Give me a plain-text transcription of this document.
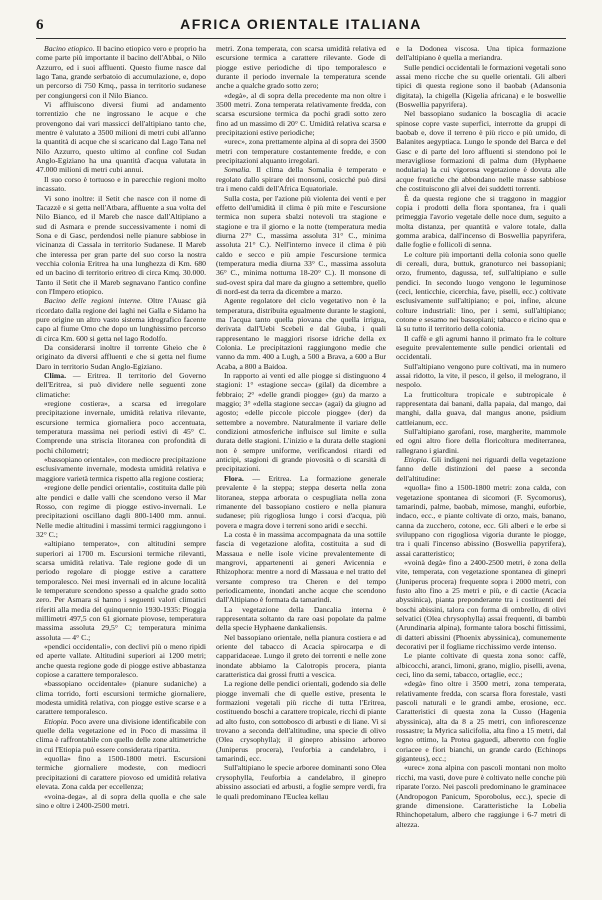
6	AFRICA ORIENTALE ITALIANA

Bacino etiopico. Il bacino etiopico vero e proprio ha come parte più importante il bacino dell'Abbai, o Nilo Azzurro, ed i suoi affluenti. Questo fiume nasce dal lago Tana, grande serbatoio di accumulazione, e, dopo un percorso di 750 Kmq., passa in territorio sudanese per congiungersi con il Nilo Bianco.

Vi affluiscono diversi fiumi ad andamento torrentizio che ne ingrossano le acque e che provengono dai vari massicci dell'altipiano tanto che, mentre è valutato a 3500 milioni di metri cubi all'anno la quantità di acque che si scaricano dal Lago Tana nel Nilo Azzurro, questo ultimo al confine col Sudan Anglo-Egiziano ha una quantità d'acqua valutata in 47.000 milioni di metri cubi annui.

Il suo corso è tortuoso e in parecchie regioni molto incassato.

Vi sono inoltre: il Setit che nasce con il nome di Tacazzè e si getta nell'Atbara, affluente a sua volta del Nilo Bianco, ed il Mareb che nasce dall'Altipiano a sud di Asmara e prende successivamente i nomi di Sona e di Gasc, perdendosi nelle pianure sabbiose in vicinanza di Cassala in territorio Sudanese. Il Mareb che interessa per gran parte del suo corso la nostra vecchia colonia Eritrea ha una lunghezza di Km. 680 ed un bacino di territorio eritreo di circa Kmq. 30.000. Tanto il Setit che il Mareb segnavano l'antico confine con l'Impero etiopico.

Bacino delle regioni interne. Oltre l'Auasc già ricordato dalla regione dei laghi nei Galla e Sidamo ha pure origine un altro vasto sistema idrografico facente capo al fiume Omo che dopo un lunghissimo percorso di circa Km. 600 si getta nel lago Rodolfo.

Da considerarsi inoltre il torrente Gheio che è originato da diversi affluenti e che si getta nel fiume Daro in territorio Sudan Anglo-Egiziano.

Clima. — Eritrea. Il territorio del Governo dell'Eritrea, si può dividere nelle seguenti zone climatiche:

«regione costiera», a scarsa ed irregolare precipitazione invernale, umidità relativa rilevante, escursione termica giornaliera poco accentuata, temperatura massima nei periodi estivi di 45° C. Comprende una striscia litoranea con profondità di pochi chilometri;

«bassopiano orientale», con mediocre precipitazione esclusivamente invernale, modesta umidità relativa e maggiore varietà termica rispetto alla regione costiera;

«regione delle pendici orientali», costituita dalle più alte pendici e dalle valli che scendono verso il Mar Rosso, con regime di piogge estivo-invernali. Le precipitazioni oscillano dagli 800-1400 mm. annui. Nelle medie altitudini i massimi termici raggiungono i 32° C.;

«altipiano temperato», con altitudini sempre superiori ai 1700 m. Escursioni termiche rilevanti, scarsa umidità relativa. Tale regione gode di un periodo regolare di piogge estive a carattere temporalesco. Nei mesi invernali ed in alcune località le temperature scendono spesso a qualche grado sotto zero. Per Asmara si hanno i seguenti valori climatici riferiti alla media del quinquennio 1930-1935: Pioggia millimetri 497,5 con 61 giornate piovose, temperatura massima assoluta 29,5° C; temperatura minima assoluta — 4° C.;

«pendici occidentali», con declivi più o meno ripidi ed aperte vallate. Altitudini superiori ai 1200 metri; anche questa regione gode di piogge estive abbastanza copiose a carattere temporalesco.

«bassopiano occidentale» (pianure sudaniche) a clima torrido, forti escursioni termiche giornaliere, modesta umidità relativa, con piogge estive scarse e a carattere temporalesco.

Etiopia. Poco avere una divisione identificabile con quelle della vegetazione ed in Poco di massima il clima è raffrontabile con quello delle zone altimetriche in cui l'Etiopia può essere considerata ripartita.

«quolla» fino a 1500-1800 metri. Escursioni termiche giornaliere modeste, con mediocri precipitazioni di carattere piovoso ed umidità relativa elevata. Zona calda per eccellenza;

«voina-dega», al di sopra della quolla e che sale sino e oltre i 2400-2500 metri.

metri. Zona temperata, con scarsa umidità relativa ed escursione termica a carattere rilevante. Gode di piogge estive periodiche di tipo temporalesco e durante il periodo invernale la temperatura scende anche a qualche grado sotto zero;

«degà», al di sopra della precedente ma non oltre i 3500 metri. Zona temperata relativamente fredda, con scarsa escursione termica da pochi gradi sotto zero fino ad un massimo di 20° C. Umidità relativa scarsa e precipitazioni estive periodiche;

«urec», zona prettamente alpina al di sopra dei 3500 metri con temperature costantemente fredde, e con precipitazioni alquanto irregolari.

Somalia. Il clima della Somalia è temperato e regolato dallo spirare dei monsoni, cosicché può dirsi tra i meno caldi dell'Africa Equatoriale.

Sulla costa, per l'azione più violenta dei venti e per effetto dell'umidità il clima è più mite e l'escursione termica non supera sbalzi notevoli tra stagione e stagione e tra il giorno e la notte (temperatura media diurna 27° C., massima assoluta 31° C., minima assoluta 21° C.). Nell'interno invece il clima è più caldo e secco e più ampie l'escursione termica (temperatura media diurna 33° C., massima assoluta 36° C., minima notturna 18-20° C.). Il monsone di sud-ovest spira dal mare da giugno a settembre, quello di nord-est da terra da dicembre a marzo.

Agente regolatore del ciclo vegetativo non è la temperatura, distribuita egualmente durante le stagioni, ma l'acqua tanto quella piovana che quella irrigua, derivata dall'Uebi Scebeli e dal Giuba, i quali rappresentano le maggiori risorse idriche della ex Colonia. Le precipitazioni raggiungono medie che vanno da mm. 400 a Lugh, a 500 a Brava, a 600 a Bur Acaba, a 800 a Baidoa.

In rapporto ai venti ed alle piogge si distinguono 4 stagioni: 1° «stagione secca» (gilal) da dicembre a febbraio; 2° «delle grandi piogge» (gu) da marzo a maggio; 3° «della stagione secca» (agai) da giugno ad agosto; «delle piccole piccole piogge» (der) da settembre a novembre. Naturalmente il variare delle condizioni atmosferiche influisce sul limite e sulla durata delle stagioni. L'inizio e la durata delle stagioni non è sempre uniforme, verificandosi ritardi ed anticipi, stagioni di grande piovosità o di scarsità di precipitazioni.

Flora. — Eritrea. La formazione generale prevalente è la steppa; steppa deserta nella zona litoranea, steppa arborata o cespugliata nella zona rimanente del bassopiano costiero e nella pianura sudanese; più rigogliosa lungo i corsi d'acqua, più povera e magra dove i terreni sono aridi e secchi.

La costa è in massima accompagnata da una sottile fascia di vegetazione alofita, costituita a sud di Massaua e nelle isole vicine prevalentemente di mangrovi, appartenenti ai generi Avicennia e Rhizophora: mentre a nord di Massaua e nel tratto del versante compreso tra Cheren e del tempo periodicamente, inondati anche acque che scendono dall'Altipiano è formata da tamarindi.

La vegetazione della Dancalia interna è rappresentata soltanto da rare oasi popolate da palme della specie Hyphaene dankaliensis.

Nel bassopiano orientale, nella pianura costiera e ad oriente del tabacco di Acacia spirocarpa e di capparidaceae. Lungo il greto dei torrenti e nelle zone inondate abbiamo la Calotropis procera, pianta caratteristica dai grossi frutti a vescica.

La regione delle pendici orientali, godendo sia delle piogge invernali che di quelle estive, presenta le formazioni vegetali più ricche di tutta l'Eritrea, costituendo boschi a carattere tropicale, ricchi di piante ad alto fusto, con sottobosco di arbusti e di liane. Vi si trovano a seconda dell'altitudine, una specie di olivo (Olea crysophylla); il ginepro abissino arboreo (Juniperus procera), l'euforbia a candelabro, i tamarindi, ecc.

Sull'altipiano le specie arboree dominanti sono Olea crysophylla, l'euforbia a candelabro, il ginepro abissino associati ed arbusti, a foglie sempre verdi, fra le quali predominano l'Euclea kellau

e la Dodonea viscosa. Una tipica formazione dell'altipiano è quella a meriandra.

Sulle pendici occidentali le formazioni vegetali sono assai meno ricche che su quelle orientali. Gli alberi tipici di questa regione sono il baobab (Adansonia digitata), la chigella (Kigelia africana) e le boswellie (Boswellia papyrifera).

Nel bassopiano sudanico la boscaglia di acacie spinose copre vaste superfici, interrotte da gruppi di baobab e, dove il terreno è più ricco e più umido, di Balanites aegyptiaca. Lungo le sponde del Barca e del Gasc e di parte del loro affluenti si stendono poi le meravigliose formazioni di palma dum (Hyphaene nodularia) la cui vigorosa vegetazione è dovuta alle acque freatiche che abbondano nelle masse sabbiose che costituiscono gli alvei dei suddetti torrenti.

È da questa regione che si traggono in maggior copia i prodotti della flora spontanea, fra i quali primeggia l'avorio vegetale delle noce dum, seguito a molta distanza, per quantità e valore totale, dalla gomma arabica, dall'incenso di Boswellia papyrifera, dalle foglie e follicoli di senna.

Le colture più importanti della colonia sono quelle di cereali, dura, buttuk, granoturco nei bassopiani; orzo, frumento, dagussa, tef, sull'altipiano e sulle pendici. In secondo luogo vengono le leguminose (ceci, lenticchie, cicerchia, fave, piselli, ecc.) coltivate esclusivamente sull'altipiano; e poi, infine, alcune colture industriali: lino, per i semi, sull'altipiano; cotone e sesamo nei bassopiani; tabacco e ricino qua e là su tutto il territorio della colonia.

Il caffè e gli agrumi hanno il primato fra le colture eseguite prevalentemente sulle pendici orientali ed occidentali.

Sull'altipiano vengono pure coltivati, ma in numero assai ridotto, la vite, il pesco, il gelso, il melograno, il nespolo.

La frutticoltura tropicale e subtropicale è rappresentata dai banani, dalla papaia, dal mango, dai manghi, dalla guava, dal mangus anone, psidium cattleianum, ecc.

Sull'altipiano garofani, rose, margherite, mammole ed ogni altro fiore della floricoltura mediterranea, rallegrano i giardini.

Etiopia. Gli indigeni nei riguardi della vegetazione fanno delle distinzioni del paese a seconda dell'altitudine:

«quolla» fino a 1500-1800 metri: zona calda, con vegetazione spontanea di sicomori (F. Sycomorus), tamarindi, palme, baobab, mimose, manghi, euforbie, indaco, ecc., e piante coltivate di orzo, mais, banano, canna da zucchero, cotone, ecc. Gli alberi e le erbe si sviluppano con rigogliosa vigoria durante le piogge, tra i quali l'incenso abissino (Boswellia papyrifera), assai caratteristico;

«voinà degà» fino a 2400-2500 metri, è zona della vite, temperata, con vegetazione spontanea di ginepri (Juniperus procera) frequente sopra i 2000 metri, con fusto alto fino a 25 metri e più, e di cactie (Acacia abyssinica), pianta preponderante tra i costituenti dei boschi abissini, talora con forma di ombrello, di olivi selvatici (Olea chrysophylla) assai frequenti, di bambù (Arundinaria alpina), formante talora boschi fittissimi, di datteri abissini (Phoenix abyssinica), comunemente decorativi per il fogliame ricchissimo verde intenso.

Le piante coltivate di questa zona sono: caffè, albicocchi, aranci, limoni, grano, miglio, piselli, avena, ceci, lino da semi, tabacco, ortaglie, ecc.;

«degà» fino oltre i 3500 metri, zona temperata, relativamente fredda, con scarsa flora forestale, vasti pascoli naturali e le grandi ambe, erosione, ecc. Caratteristici di questa zona la Cusso (Hagenia abyssinica), alta da 8 a 25 metri, con infiorescenze rossastre; la Myrica salicifolia, alta fino a 15 metri, dal legno ottimo, la Protea gaguedi, alberetto con foglie coriacee e fiori bianchi, un grande cardo (Echinops giganteus), ecc.;

«urec» zona alpina con pascoli montani non molto ricchi, ma vasti, dove pure è coltivato nelle conche più riparate l'orzo. Nei pascoli predominano le graminacee (Andropogon Panicum, Sporobolus, ecc.), specie di grande dimensione. Caratteristiche la Lobelia Rhinchopetalum, albero che raggiunge i 6-7 metri di altezza.
